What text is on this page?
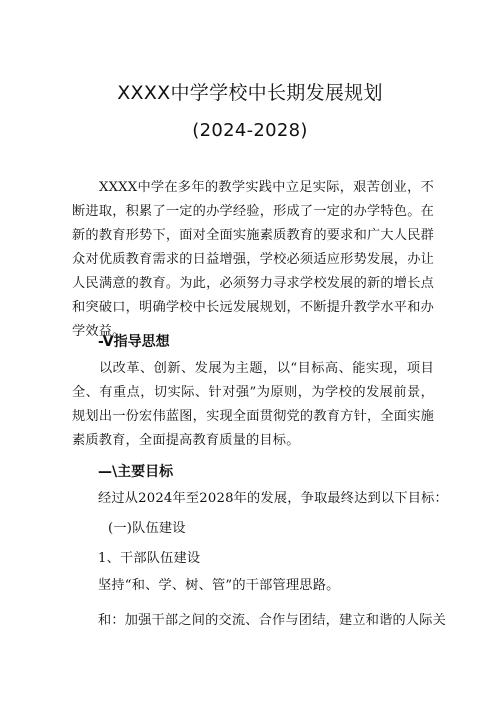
XXXX中学学校中长期发展规划
(2024-2028)
XXXX中学在多年的教学实践中立足实际，艰苦创业，不断进取，积累了一定的办学经验，形成了一定的办学特色。在新的教育形势下，面对全面实施素质教育的要求和广大人民群众对优质教育需求的日益增强，学校必须适应形势发展，办让人民满意的教育。为此，必须努力寻求学校发展的新的增长点和突破口，明确学校中长远发展规划，不断提升教学水平和办学效益。
-V指导思想
以改革、创新、发展为主题，以“目标高、能实现，项目全、有重点，切实际、针对强”为原则，为学校的发展前景，规划出一份宏伟蓝图，实现全面贯彻党的教育方针，全面实施素质教育，全面提高教育质量的目标。
—\主要目标
经过从2024年至2028年的发展，争取最终达到以下目标：
(一)队伍建设
1、干部队伍建设
坚持“和、学、树、管”的干部管理思路。
和：加强干部之间的交流、合作与团结，建立和谐的人际关
